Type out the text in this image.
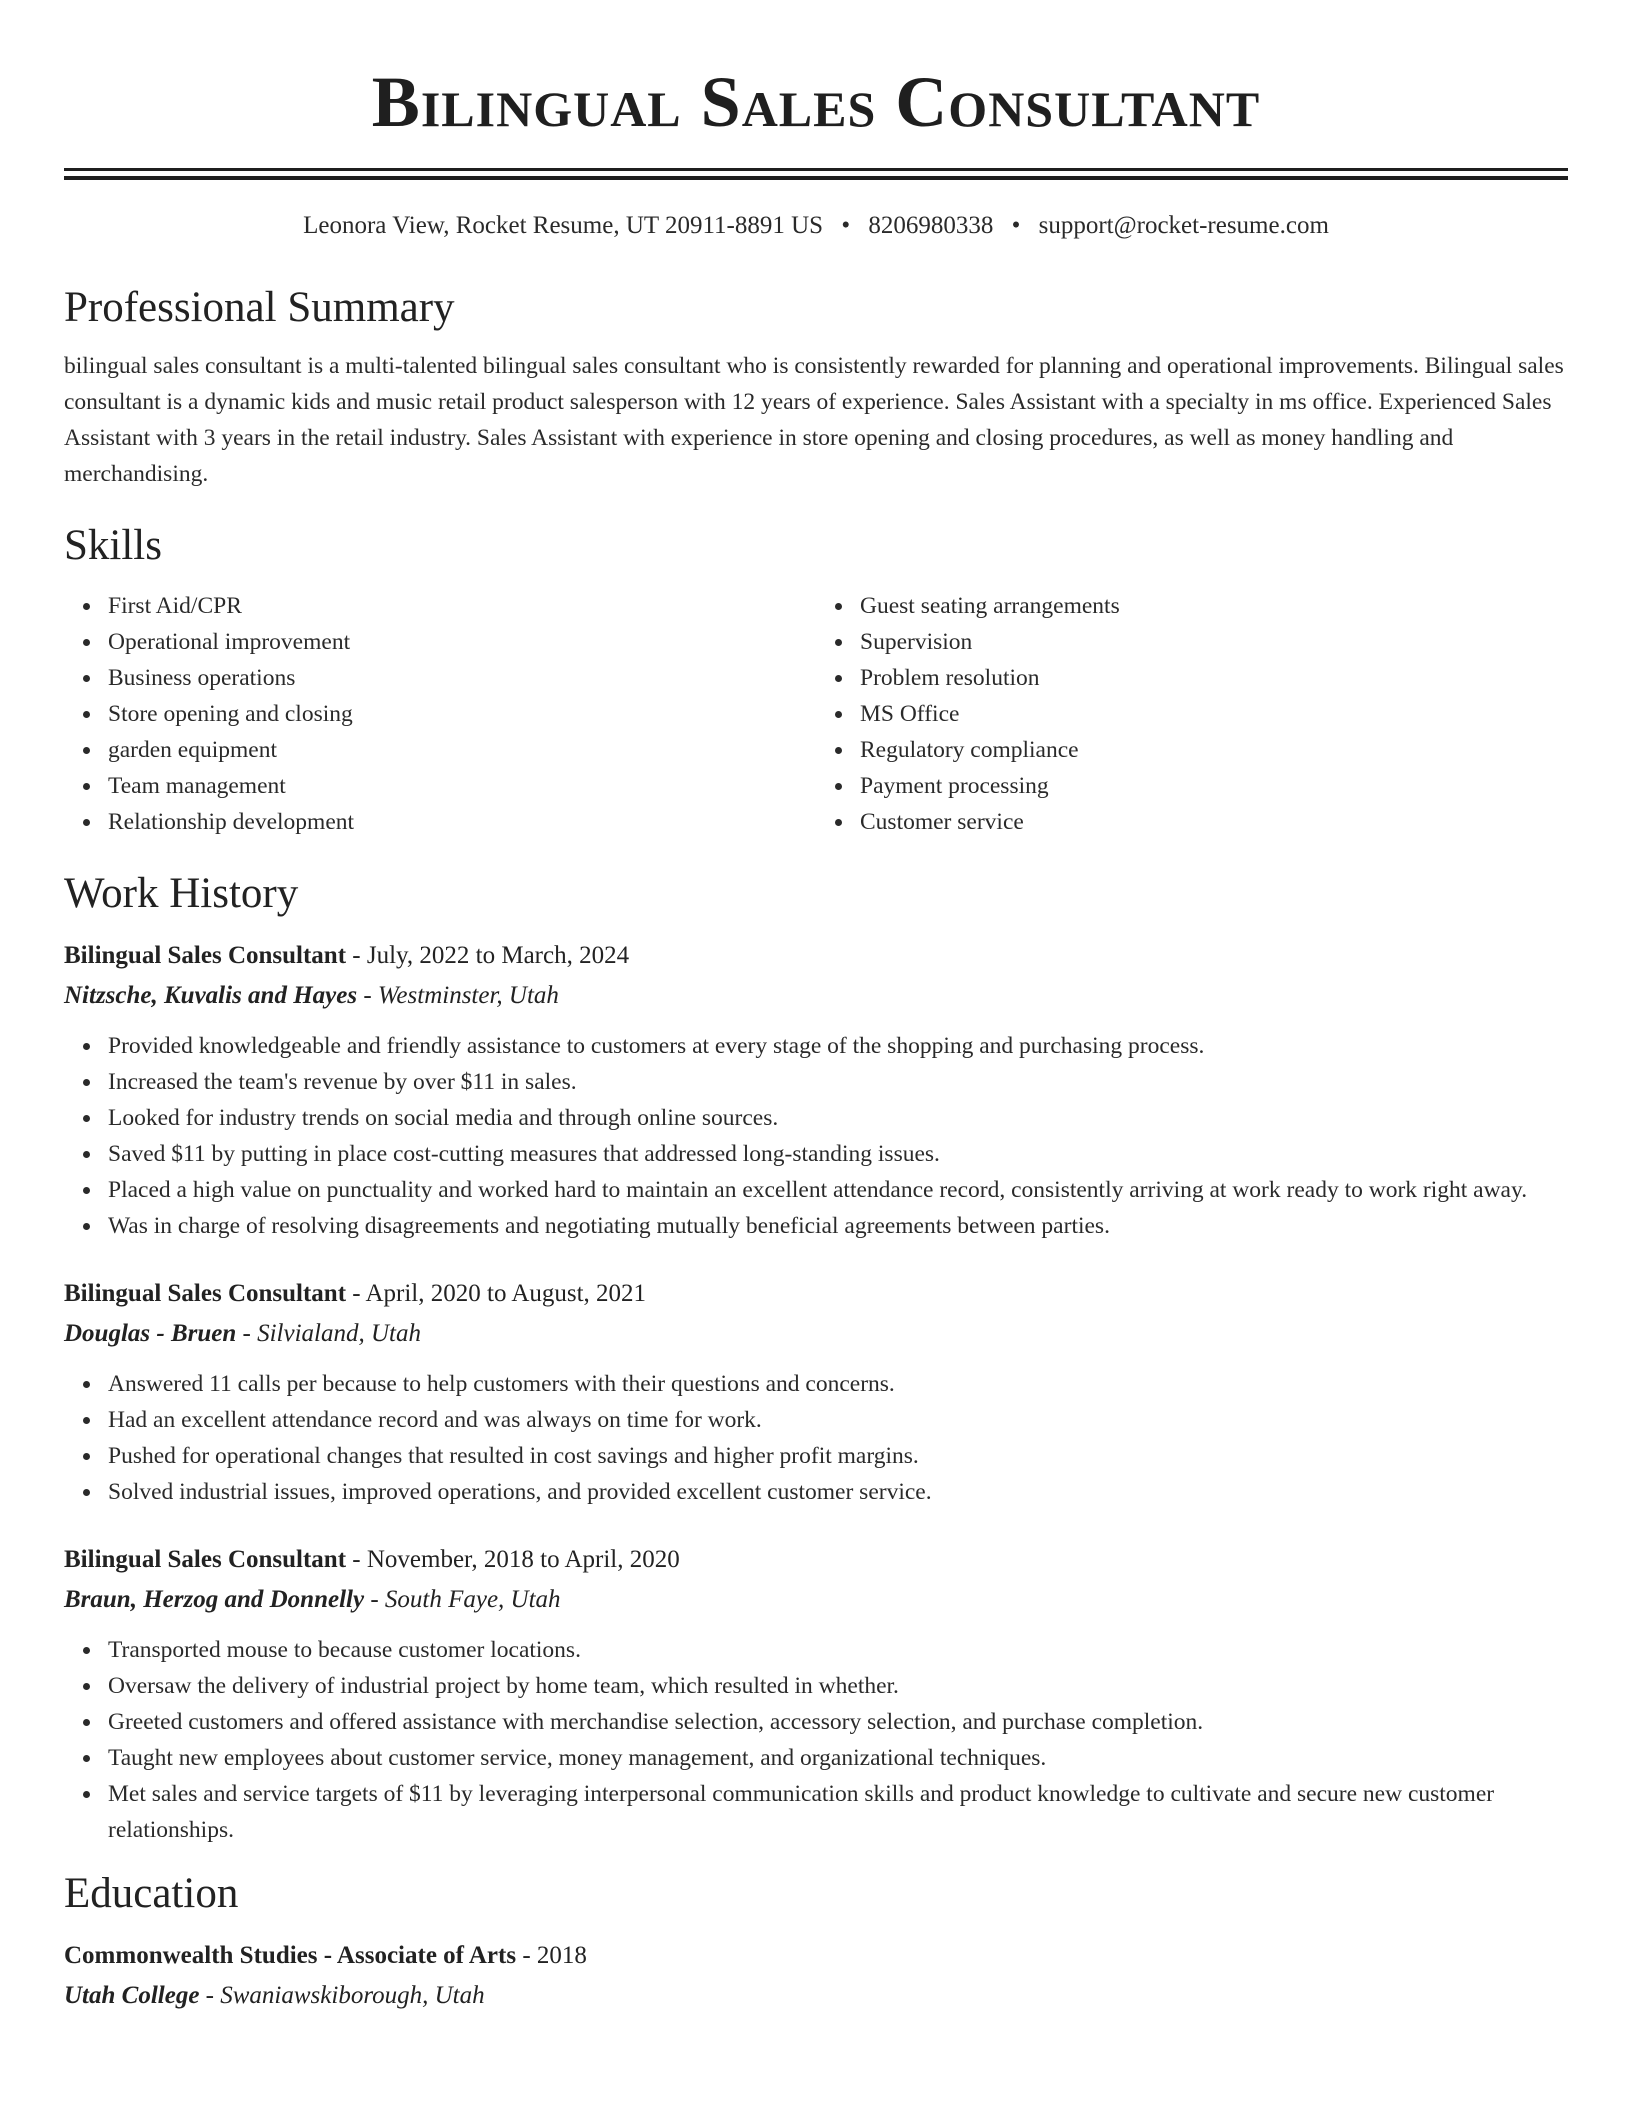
Bilingual Sales Consultant
Leonora View, Rocket Resume, UT 20911-8891 US • 8206980338 • support@rocket-resume.com
Professional Summary
bilingual sales consultant is a multi-talented bilingual sales consultant who is consistently rewarded for planning and operational improvements. Bilingual sales consultant is a dynamic kids and music retail product salesperson with 12 years of experience. Sales Assistant with a specialty in ms office. Experienced Sales Assistant with 3 years in the retail industry. Sales Assistant with experience in store opening and closing procedures, as well as money handling and merchandising.
Skills
First Aid/CPR
Operational improvement
Business operations
Store opening and closing
garden equipment
Team management
Relationship development
Guest seating arrangements
Supervision
Problem resolution
MS Office
Regulatory compliance
Payment processing
Customer service
Work History
Bilingual Sales Consultant - July, 2022 to March, 2024
Nitzsche, Kuvalis and Hayes - Westminster, Utah
Provided knowledgeable and friendly assistance to customers at every stage of the shopping and purchasing process.
Increased the team's revenue by over $11 in sales.
Looked for industry trends on social media and through online sources.
Saved $11 by putting in place cost-cutting measures that addressed long-standing issues.
Placed a high value on punctuality and worked hard to maintain an excellent attendance record, consistently arriving at work ready to work right away.
Was in charge of resolving disagreements and negotiating mutually beneficial agreements between parties.
Bilingual Sales Consultant - April, 2020 to August, 2021
Douglas - Bruen - Silvialand, Utah
Answered 11 calls per because to help customers with their questions and concerns.
Had an excellent attendance record and was always on time for work.
Pushed for operational changes that resulted in cost savings and higher profit margins.
Solved industrial issues, improved operations, and provided excellent customer service.
Bilingual Sales Consultant - November, 2018 to April, 2020
Braun, Herzog and Donnelly - South Faye, Utah
Transported mouse to because customer locations.
Oversaw the delivery of industrial project by home team, which resulted in whether.
Greeted customers and offered assistance with merchandise selection, accessory selection, and purchase completion.
Taught new employees about customer service, money management, and organizational techniques.
Met sales and service targets of $11 by leveraging interpersonal communication skills and product knowledge to cultivate and secure new customer relationships.
Education
Commonwealth Studies - Associate of Arts - 2018
Utah College - Swaniawskiborough, Utah
